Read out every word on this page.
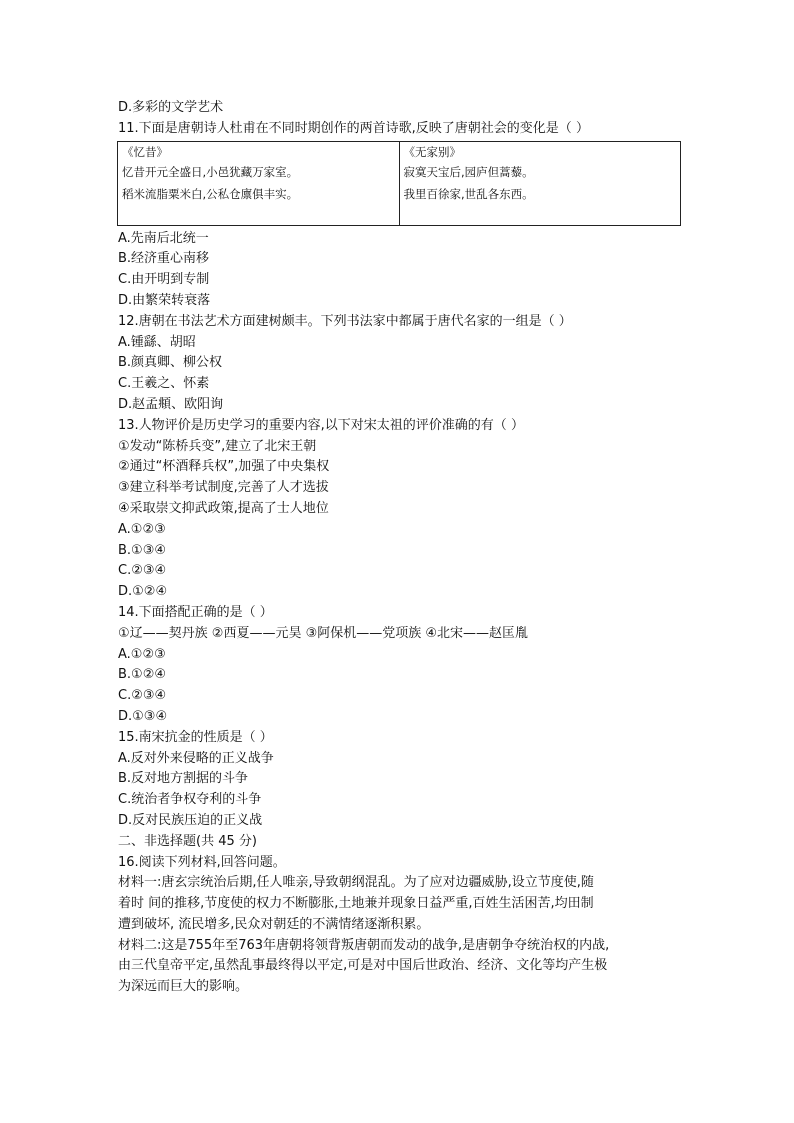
D.多彩的文学艺术
11.下面是唐朝诗人杜甫在不同时期创作的两首诗歌,反映了唐朝社会的变化是（ ）
《忆昔》
忆昔开元全盛日,小邑犹藏万家室。
稻米流脂粟米白,公私仓廪俱丰实。

《无家别》
寂寞天宝后,园庐但蒿藜。
我里百徐家,世乱各东西。
A.先南后北统一
B.经济重心南移
C.由开明到专制
D.由繁荣转衰落
12.唐朝在书法艺术方面建树颇丰。下列书法家中都属于唐代名家的一组是（ ）
A.锺繇、胡昭
B.颜真卿、柳公权
C.王羲之、怀素
D.赵孟頫、欧阳询
13.人物评价是历史学习的重要内容,以下对宋太祖的评价准确的有（ ）
①发动“陈桥兵变”,建立了北宋王朝
②通过“杯酒释兵权”,加强了中央集权
③建立科举考试制度,完善了人才选拔
④采取崇文抑武政策,提高了士人地位
A.①②③
B.①③④
C.②③④
D.①②④
14.下面搭配正确的是（ ）
①辽——契丹族 ②西夏——元昊 ③阿保机——党项族 ④北宋——赵匡胤
A.①②③
B.①②④
C.②③④
D.①③④
15.南宋抗金的性质是（ ）
A.反对外来侵略的正义战争
B.反对地方割据的斗争
C.统治者争权夺利的斗争
D.反对民族压迫的正义战
二、非选择题(共 45 分)
16.阅读下列材料,回答问题。
材料一:唐玄宗统治后期,任人唯亲,导致朝纲混乱。为了应对边疆威胁,设立节度使,随
着时 间的推移,节度使的权力不断膨胀,土地兼并现象日益严重,百姓生活困苦,均田制
遭到破坏, 流民增多,民众对朝廷的不满情绪逐渐积累。
材料二:这是755年至763年唐朝将领背叛唐朝而发动的战争,是唐朝争夺统治权的内战,
由三代皇帝平定,虽然乱事最终得以平定,可是对中国后世政治、经济、文化等均产生极
为深远而巨大的影响。
